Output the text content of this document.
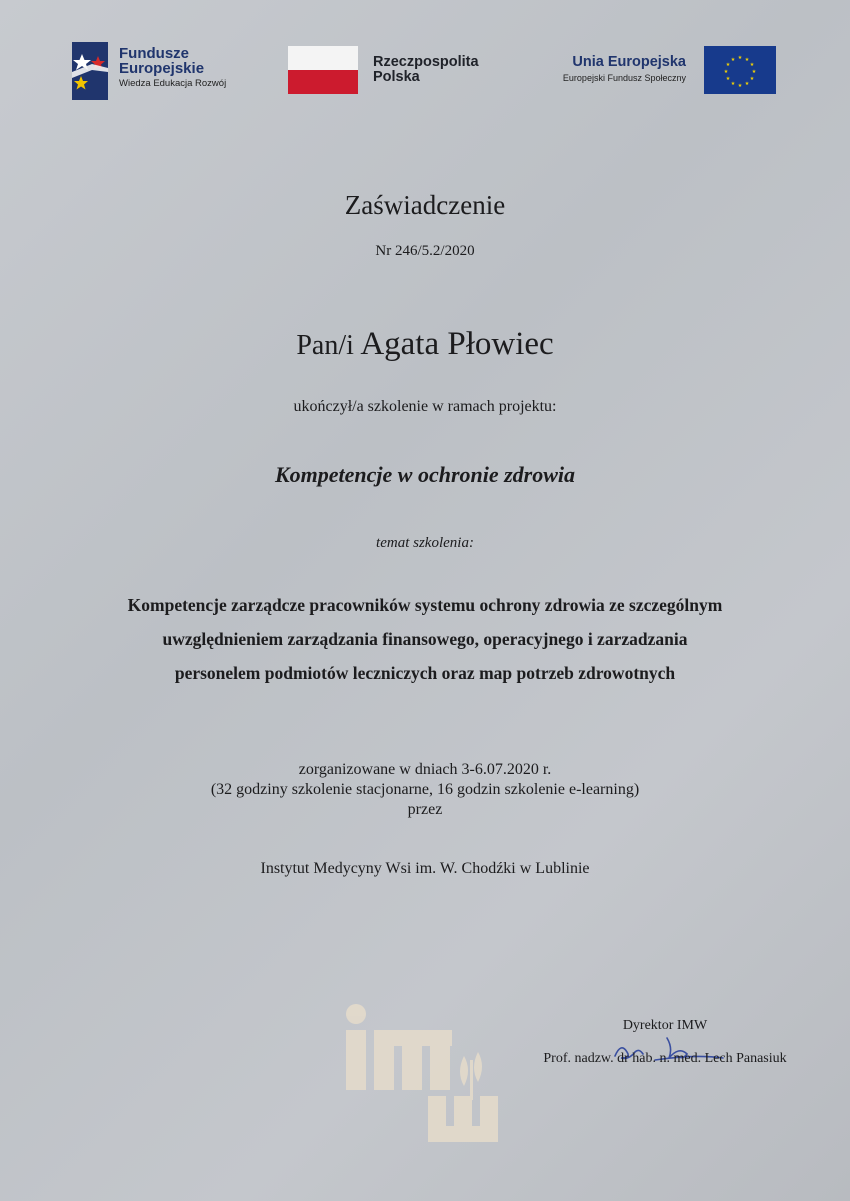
Fundusze
Europejskie
Wiedza Edukacja Rozwój
Rzeczpospolita
Polska
Unia Europejska
Europejski Fundusz Społeczny
★ ★
★
★
★
★
★
★
★
★
★
★
Zaświadczenie
Nr 246/5.2/2020
Pan/i Agata Płowiec
ukończył/a szkolenie w ramach projektu:
Kompetencje w ochronie zdrowia
temat szkolenia:
Kompetencje zarządcze pracowników systemu ochrony zdrowia ze szczególnym
uwzględnieniem zarządzania finansowego, operacyjnego i zarzadzania
personelem podmiotów leczniczych oraz map potrzeb zdrowotnych
zorganizowane w dniach 3-6.07.2020 r.
(32 godziny szkolenie stacjonarne, 16 godzin szkolenie e-learning)
przez
Instytut Medycyny Wsi im. W. Chodźki w Lublinie
Dyrektor IMW
Prof. nadzw. dr hab. n. med. Lech Panasiuk
